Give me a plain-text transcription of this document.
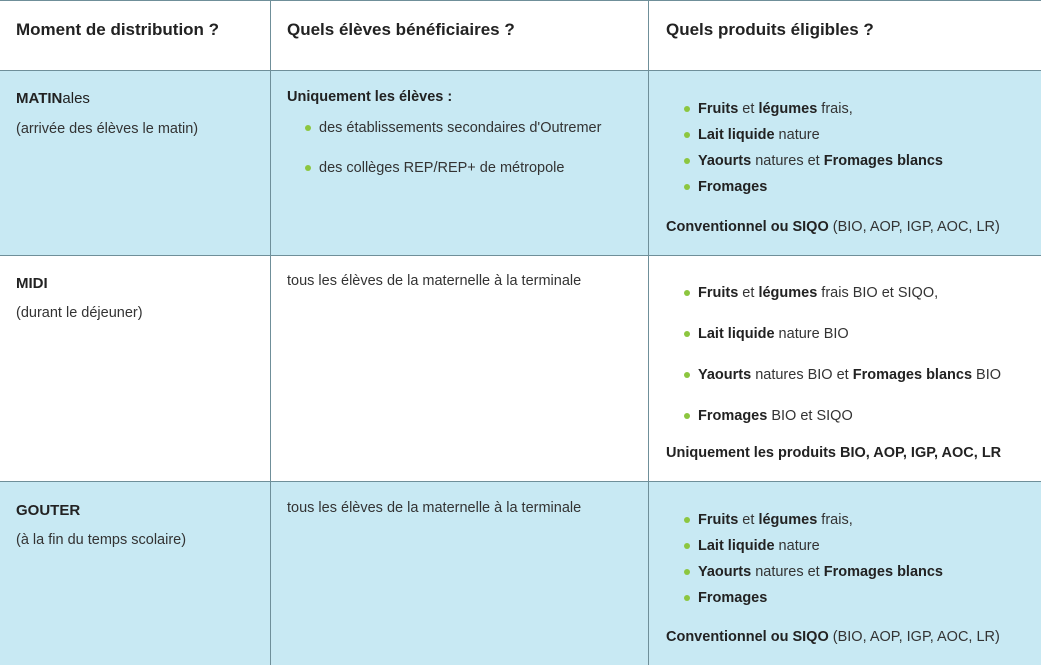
Moment de distribution ?	Quels élèves bénéficiaires ?	Quels produits éligibles ?
MATINales
(arrivée des élèves le matin)
Uniquement les élèves :
des établissements secondaires d'Outremer
des collèges REP/REP+ de métropole
Fruits et légumes frais,
Lait liquide nature
Yaourts natures et Fromages blancs
Fromages
Conventionnel ou SIQO (BIO, AOP, IGP, AOC, LR)
MIDI
(durant le déjeuner)
tous les élèves de la maternelle à la terminale
Fruits et légumes frais BIO et SIQO,
Lait liquide nature BIO
Yaourts natures BIO et Fromages blancs BIO
Fromages BIO et SIQO
Uniquement les produits BIO, AOP, IGP, AOC, LR
GOUTER
(à la fin du temps scolaire)
tous les élèves de la maternelle à la terminale
Fruits et légumes frais,
Lait liquide nature
Yaourts natures et Fromages blancs
Fromages
Conventionnel ou SIQO (BIO, AOP, IGP, AOC, LR)
